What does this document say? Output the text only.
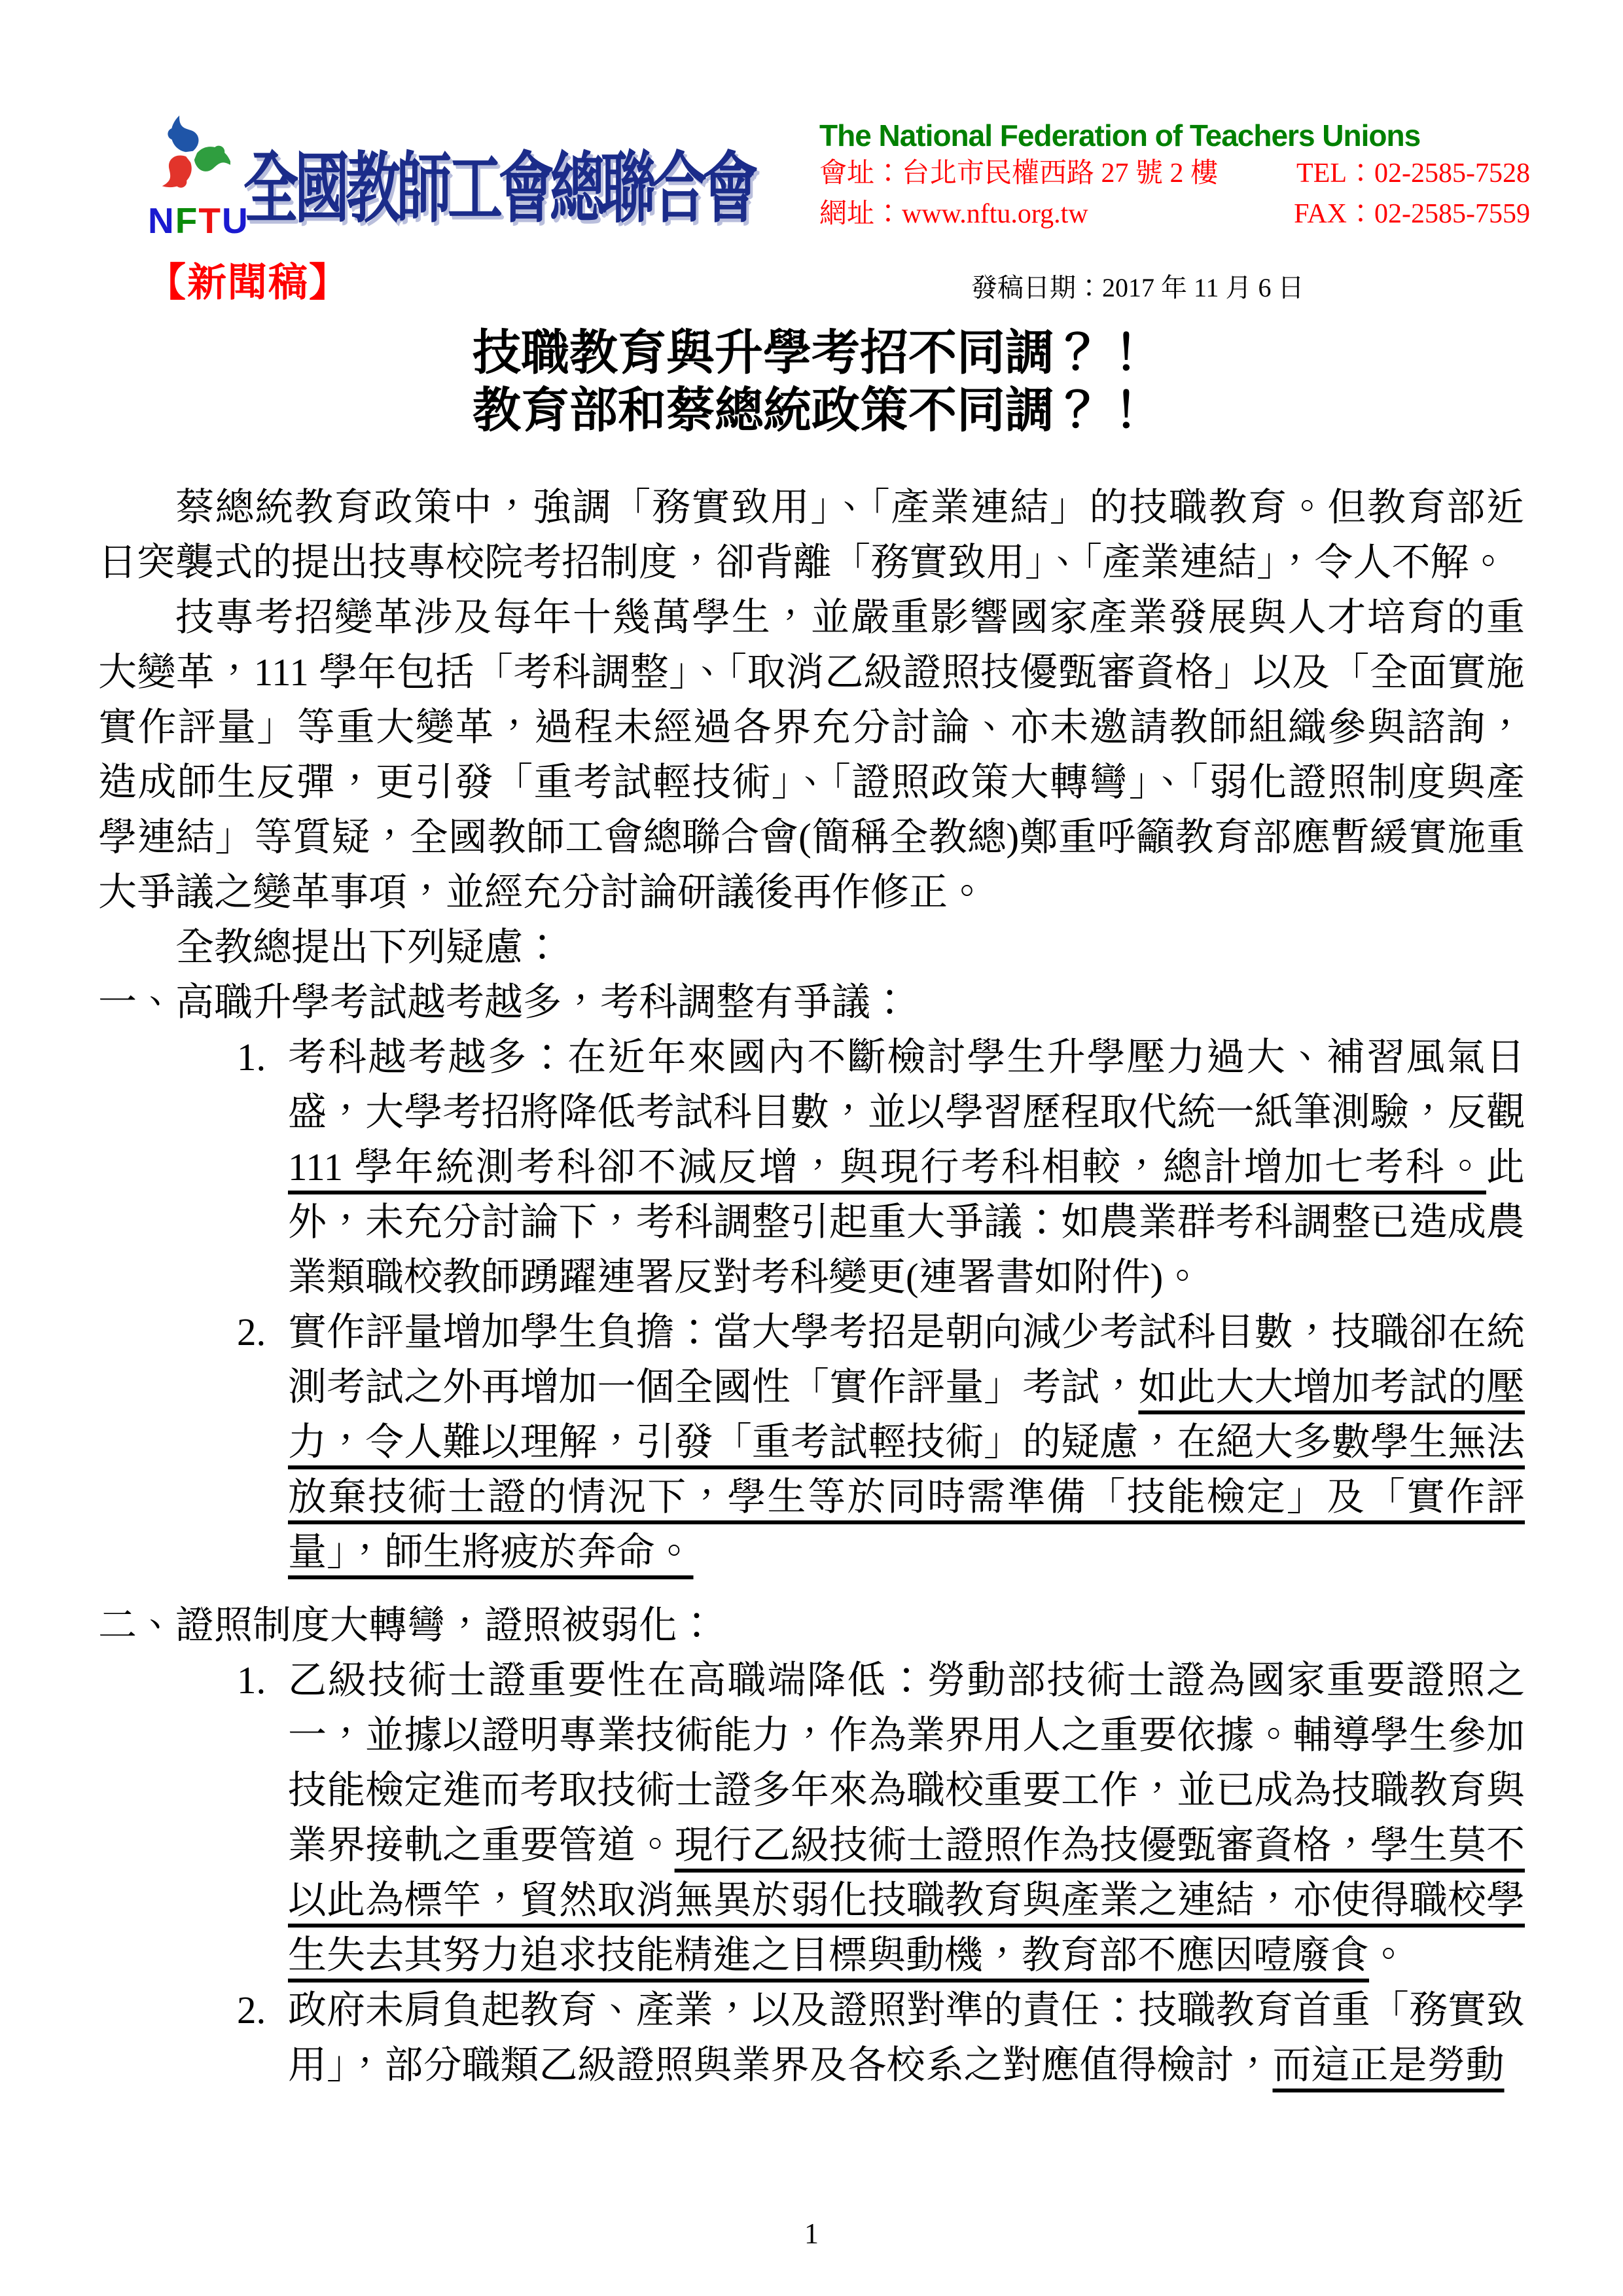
NFTU
全國教師工會總聯合會
The National Federation of Teachers Unions
會址：台北市民權西路 27 號 2 樓	TEL：02-2585-7528
網址：www.nftu.org.tw	FAX：02-2585-7559
【新聞稿】	發稿日期：2017 年 11 月 6 日
技職教育與升學考招不同調？！
教育部和蔡總統政策不同調？！

蔡總統教育政策中，強調「務實致用」、「產業連結」的技職教育。但教育部近日突襲式的提出技專校院考招制度，卻背離「務實致用」、「產業連結」，令人不解。

技專考招變革涉及每年十幾萬學生，並嚴重影響國家產業發展與人才培育的重大變革，111 學年包括「考科調整」、「取消乙級證照技優甄審資格」以及「全面實施實作評量」等重大變革，過程未經過各界充分討論、亦未邀請教師組織參與諮詢，造成師生反彈，更引發「重考試輕技術」、「證照政策大轉彎」、「弱化證照制度與產學連結」等質疑，全國教師工會總聯合會(簡稱全教總)鄭重呼籲教育部應暫緩實施重大爭議之變革事項，並經充分討論研議後再作修正。

全教總提出下列疑慮：

一、高職升學考試越考越多，考科調整有爭議：
1. 考科越考越多：在近年來國內不斷檢討學生升學壓力過大、補習風氣日盛，大學考招將降低考試科目數，並以學習歷程取代統一紙筆測驗，反觀 111 學年統測考科卻不減反增，與現行考科相較，總計增加七考科。此外，未充分討論下，考科調整引起重大爭議：如農業群考科調整已造成農業類職校教師踴躍連署反對考科變更(連署書如附件)。
2. 實作評量增加學生負擔：當大學考招是朝向減少考試科目數，技職卻在統測考試之外再增加一個全國性「實作評量」考試，如此大大增加考試的壓力，令人難以理解，引發「重考試輕技術」的疑慮，在絕大多數學生無法放棄技術士證的情況下，學生等於同時需準備「技能檢定」及「實作評量」，師生將疲於奔命。
二、證照制度大轉彎，證照被弱化：
1. 乙級技術士證重要性在高職端降低：勞動部技術士證為國家重要證照之一，並據以證明專業技術能力，作為業界用人之重要依據。輔導學生參加技能檢定進而考取技術士證多年來為職校重要工作，並已成為技職教育與業界接軌之重要管道。現行乙級技術士證照作為技優甄審資格，學生莫不以此為標竿，貿然取消無異於弱化技職教育與產業之連結，亦使得職校學生失去其努力追求技能精進之目標與動機，教育部不應因噎廢食。
2. 政府未肩負起教育、產業，以及證照對準的責任：技職教育首重「務實致用」，部分職類乙級證照與業界及各校系之對應值得檢討，而這正是勞動
1
